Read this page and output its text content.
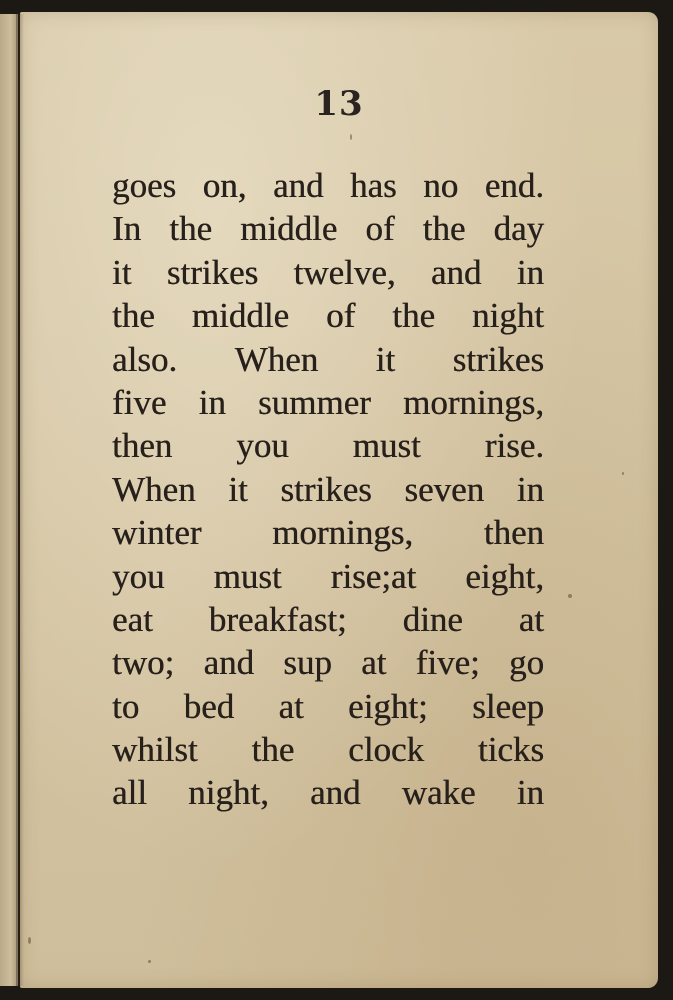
13
goes on, and has no end.
In the middle of the day
it strikes twelve, and in
the middle of the night
also. When it strikes
five in summer mornings,
then you must rise.
When it strikes seven in
winter mornings, then
you must rise;at eight,
eat breakfast; dine at
two; and sup at five; go
to bed at eight; sleep
whilst the clock ticks
all night, and wake in
